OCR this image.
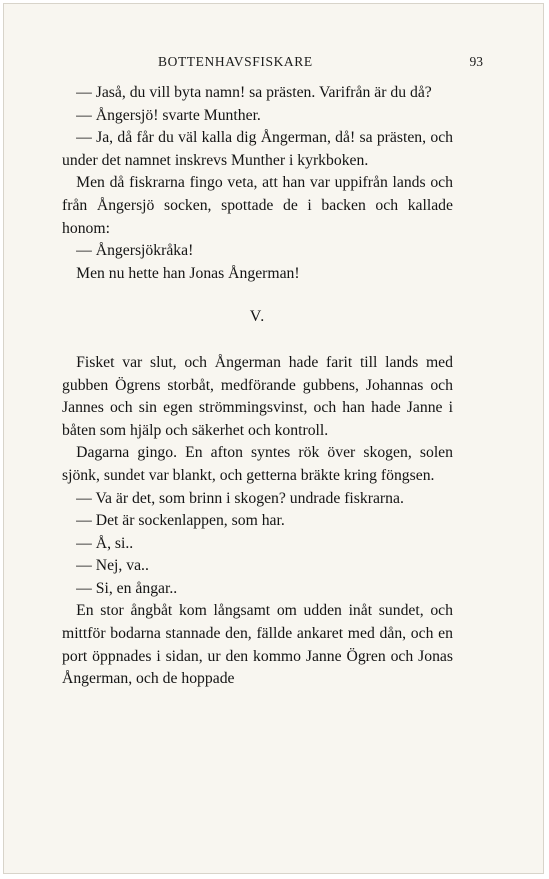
BOTTENHAVSFISKARE	93

— Jaså, du vill byta namn! sa prästen. Varifrån är du då?

— Ångersjö! svarte Munther.

— Ja, då får du väl kalla dig Ångerman, då! sa prästen, och under det namnet inskrevs Munther i kyrkboken.

Men då fiskrarna fingo veta, att han var uppifrån lands och från Ångersjö socken, spottade de i backen och kallade honom:

— Ångersjökråka!

Men nu hette han Jonas Ångerman!

V.

Fisket var slut, och Ångerman hade farit till lands med gubben Ögrens storbåt, medförande gubbens, Johannas och Jannes och sin egen strömmingsvinst, och han hade Janne i båten som hjälp och säkerhet och kontroll.

Dagarna gingo. En afton syntes rök över skogen, solen sjönk, sundet var blankt, och getterna bräkte kring föngsen.

— Va är det, som brinn i skogen? undrade fiskrarna.

— Det är sockenlappen, som har.

— Å, si..

— Nej, va..

— Si, en ångar..

En stor ångbåt kom långsamt om udden inåt sundet, och mittför bodarna stannade den, fällde ankaret med dån, och en port öppnades i sidan, ur den kommo Janne Ögren och Jonas Ångerman, och de hoppade
